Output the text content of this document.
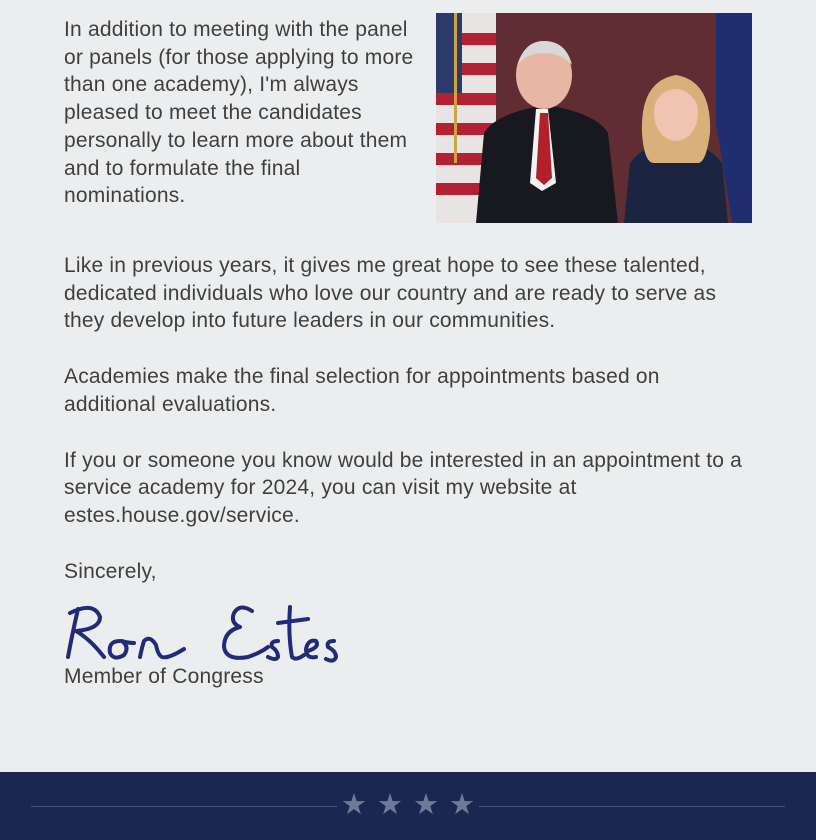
In addition to meeting with the panel or panels (for those applying to more than one academy), I'm always pleased to meet the candidates personally to learn more about them and to formulate the final nominations.

Like in previous years, it gives me great hope to see these talented, dedicated individuals who love our country and are ready to serve as they develop into future leaders in our communities.

Academies make the final selection for appointments based on additional evaluations.

If you or someone you know would be interested in an appointment to a service academy for 2024, you can visit my website at estes.house.gov/service.

Sincerely,

Member of Congress

★ ★ ★ ★
